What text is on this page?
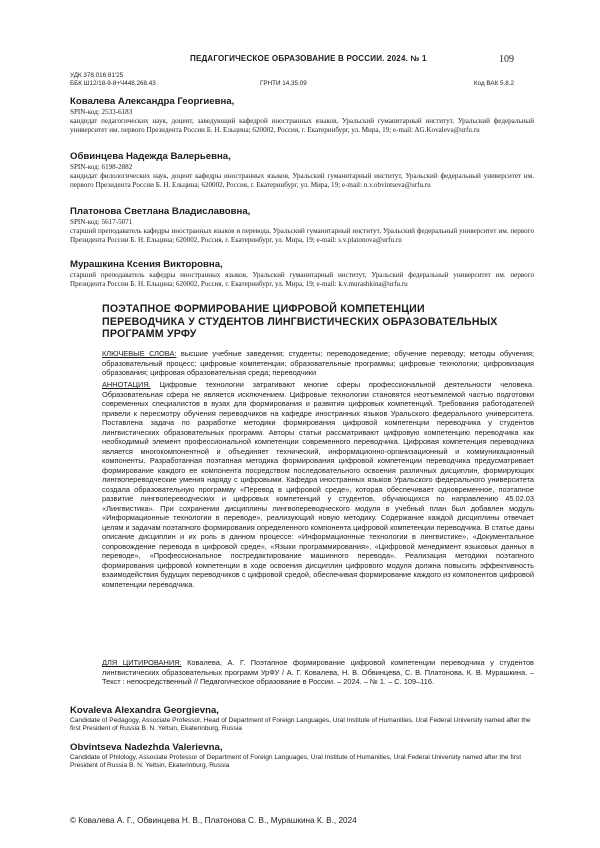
ПЕДАГОГИЧЕСКОЕ ОБРАЗОВАНИЕ В РОССИИ. 2024. № 1	109
УДК 378.016:81'25
ББК Ш12/18-9-8+Ч448.268.43	ГРНТИ 14.35.09	Код ВАК 5.8.2
Ковалева Александра Георгиевна,
SPIN-код: 2533-6183
кандидат педагогических наук, доцент, заведующий кафедрой иностранных языков, Уральский гуманитарный институт, Уральский федеральный университет им. первого Президента России Б. Н. Ельцина; 620002, Россия, г. Екатеринбург, ул. Мира, 19; e-mail: AG.Kovaleva@urfu.ru
Обвинцева Надежда Валерьевна,
SPIN-код: 6198-2882
кандидат филологических наук, доцент кафедры иностранных языков, Уральский гуманитарный институт, Уральский федеральный университет им. первого Президента России Б. Н. Ельцина; 620002, Россия, г. Екатеринбург, ул. Мира, 19; e-mail: n.v.obvintseva@urfu.ru
Платонова Светлана Владиславовна,
SPIN-код: 5617-5071
старший преподаватель кафедры иностранных языков и перевода, Уральский гуманитарный институт, Уральский федеральный университет им. первого Президента России Б. Н. Ельцина; 620002, Россия, г. Екатеринбург, ул. Мира, 19; e-mail: s.v.platonova@urfu.ru
Мурашкина Ксения Викторовна,
старший преподаватель кафедры иностранных языков, Уральский гуманитарный институт, Уральский федеральный университет им. первого Президента России Б. Н. Ельцина; 620002, Россия, г. Екатеринбург, ул. Мира, 19; e-mail: k.v.murashkina@urfu.ru
ПОЭТАПНОЕ ФОРМИРОВАНИЕ ЦИФРОВОЙ КОМПЕТЕНЦИИ ПЕРЕВОДЧИКА У СТУДЕНТОВ ЛИНГВИСТИЧЕСКИХ ОБРАЗОВАТЕЛЬНЫХ ПРОГРАММ УРФУ
КЛЮЧЕВЫЕ СЛОВА: высшие учебные заведения; студенты; переводоведение; обучение переводу; методы обучения; образовательный процесс; цифровые компетенции; образовательные программы; цифровые технологии; цифровизация образования; цифровая образовательная среда; переводчики
АННОТАЦИЯ. Цифровые технологии затрагивают многие сферы профессиональной деятельности человека. Образовательная сфера не является исключением. Цифровые технологии становятся неотъемлемой частью подготовки современных специалистов в вузах для формирования и развития цифровых компетенций. Требования работодателей привели к пересмотру обучения переводчиков на кафедре иностранных языков Уральского федерального университета. Поставлена задача по разработке методики формирования цифровой компетенции переводчика у студентов лингвистических образовательных программ. Авторы статьи рассматривают цифровую компетенцию переводчика как необходимый элемент профессиональной компетенции современного переводчика. Цифровая компетенция переводчика является многокомпонентной и объединяет технический, информационно-организационный и коммуникационный компоненты. Разработанная поэтапная методика формирования цифровой компетенции переводчика предусматривает формирование каждого ее компонента посредством последовательного освоения различных дисциплин, формирующих лингвопереводческие умения наряду с цифровыми. Кафедра иностранных языков Уральского федерального университета создала образовательную программу «Перевод в цифровой среде», которая обеспечивает одновременное, поэтапное развитие лингвопереводческих и цифровых компетенций у студентов, обучающихся по направлению 45.02.03 «Лингвистика». При сохранении дисциплины лингвопереводческого модуля в учебный план был добавлен модуль «Информационные технологии в переводе», реализующий новую методику. Содержание каждой дисциплины отвечает целям и задачам поэтапного формирования определенного компонента цифровой компетенции переводчика. В статье даны описание дисциплин и их роль в данном процессе: «Информационные технологии в лингвистике», «Документальное сопровождение перевода в цифровой среде», «Языки программирования», «Цифровой менеджмент языковых данных в переводе», «Профессиональное постредактирование машинного перевода». Реализация методики поэтапного формирования цифровой компетенции в ходе освоения дисциплин цифрового модуля должна повысить эффективность взаимодействия будущих переводчиков с цифровой средой, обеспечивая формирование каждого из компонентов цифровой компетенции переводчика.
ДЛЯ ЦИТИРОВАНИЯ: Ковалева, А. Г. Поэтапное формирование цифровой компетенции переводчика у студентов лингвистических образовательных программ УрФУ / А. Г. Ковалева, Н. В. Обвинцева, С. В. Платонова, К. В. Мурашкина. – Текст : непосредственный // Педагогическое образование в России. – 2024. – № 1. – С. 109–116.
Kovaleva Alexandra Georgievna,
Candidate of Pedagogy, Associate Professor, Head of Department of Foreign Languages, Ural Institute of Humanities, Ural Federal University named after the first President of Russia B. N. Yeltsin, Ekaterinburg, Russia
Obvintseva Nadezhda Valerievna,
Candidate of Philology, Associate Professor of Department of Foreign Languages, Ural Institute of Humanities, Ural Federal University named after the first President of Russia B. N. Yeltsin, Ekaterinburg, Russia
© Ковалева А. Г., Обвинцева Н. В., Платонова С. В., Мурашкина К. В., 2024
